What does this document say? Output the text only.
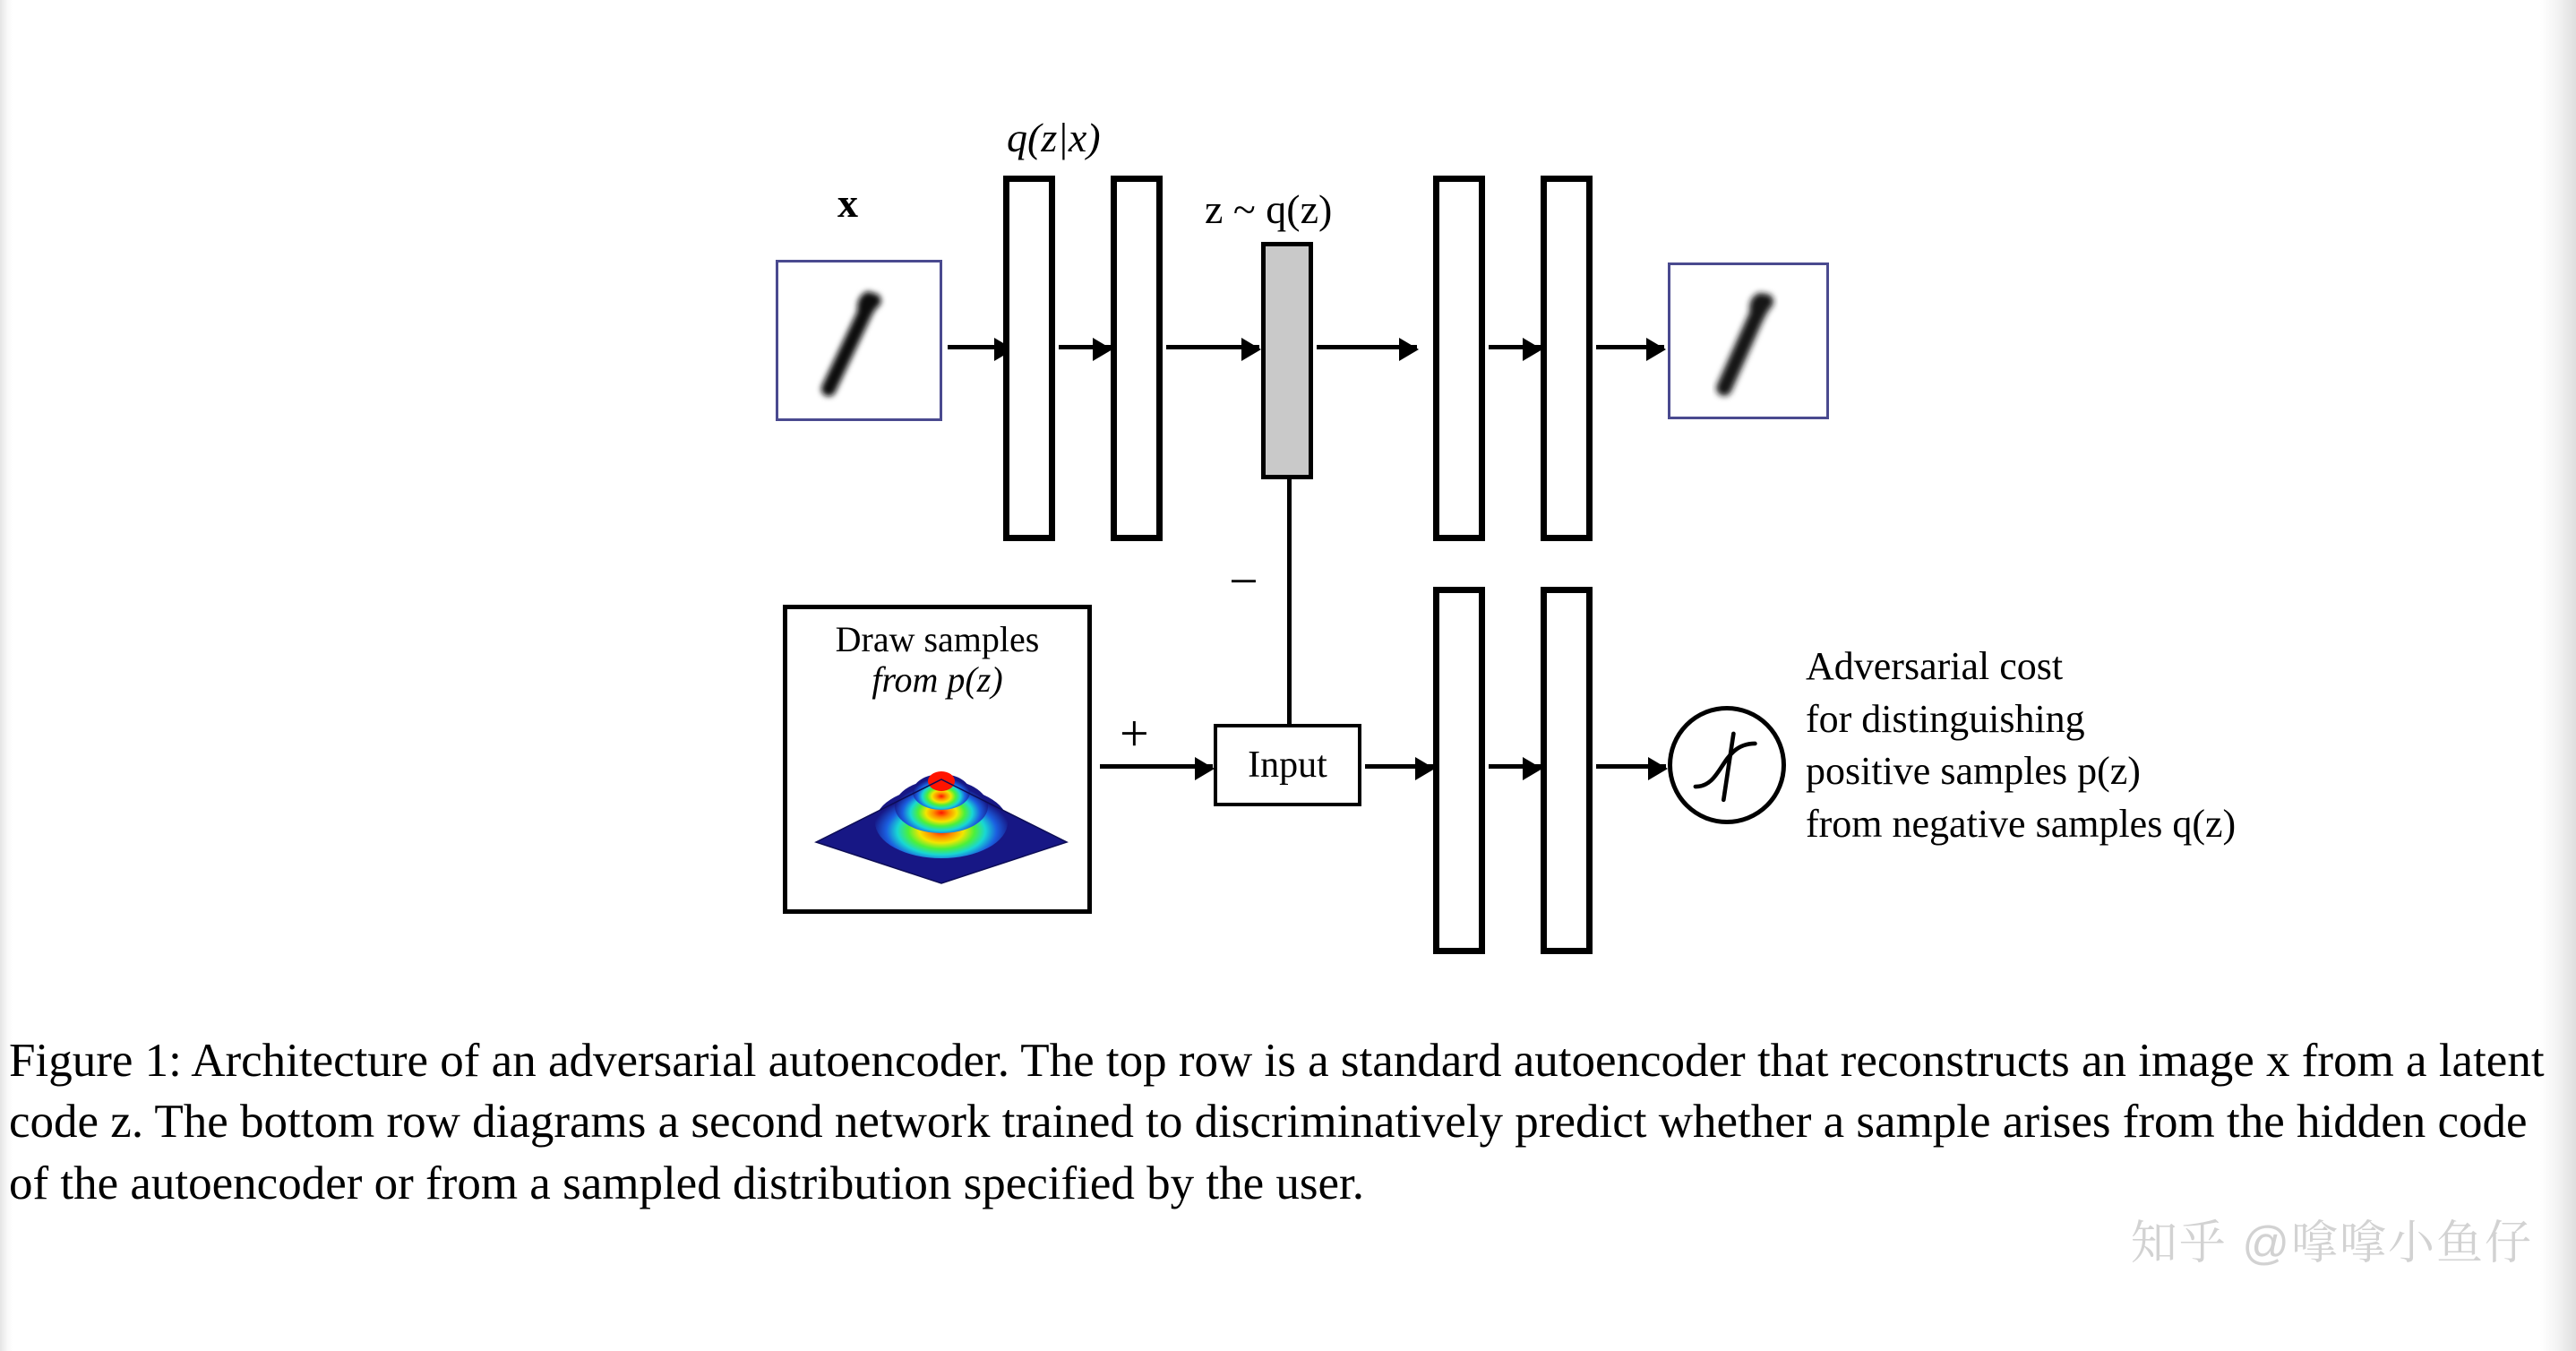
x
q(z|x)
z ~ q(z)
−
Draw samples
from p(z)
+
Input
Adversarial cost
for distinguishing
positive samples p(z)
from negative samples q(z)
Figure 1: Architecture of an adversarial autoencoder. The top row is a standard autoencoder that reconstructs an image x from a latent code z. The bottom row diagrams a second network trained to discriminatively predict whether a sample arises from the hidden code of the autoencoder or from a sampled distribution specified by the user.
知乎 @嗱嗱小鱼仔
